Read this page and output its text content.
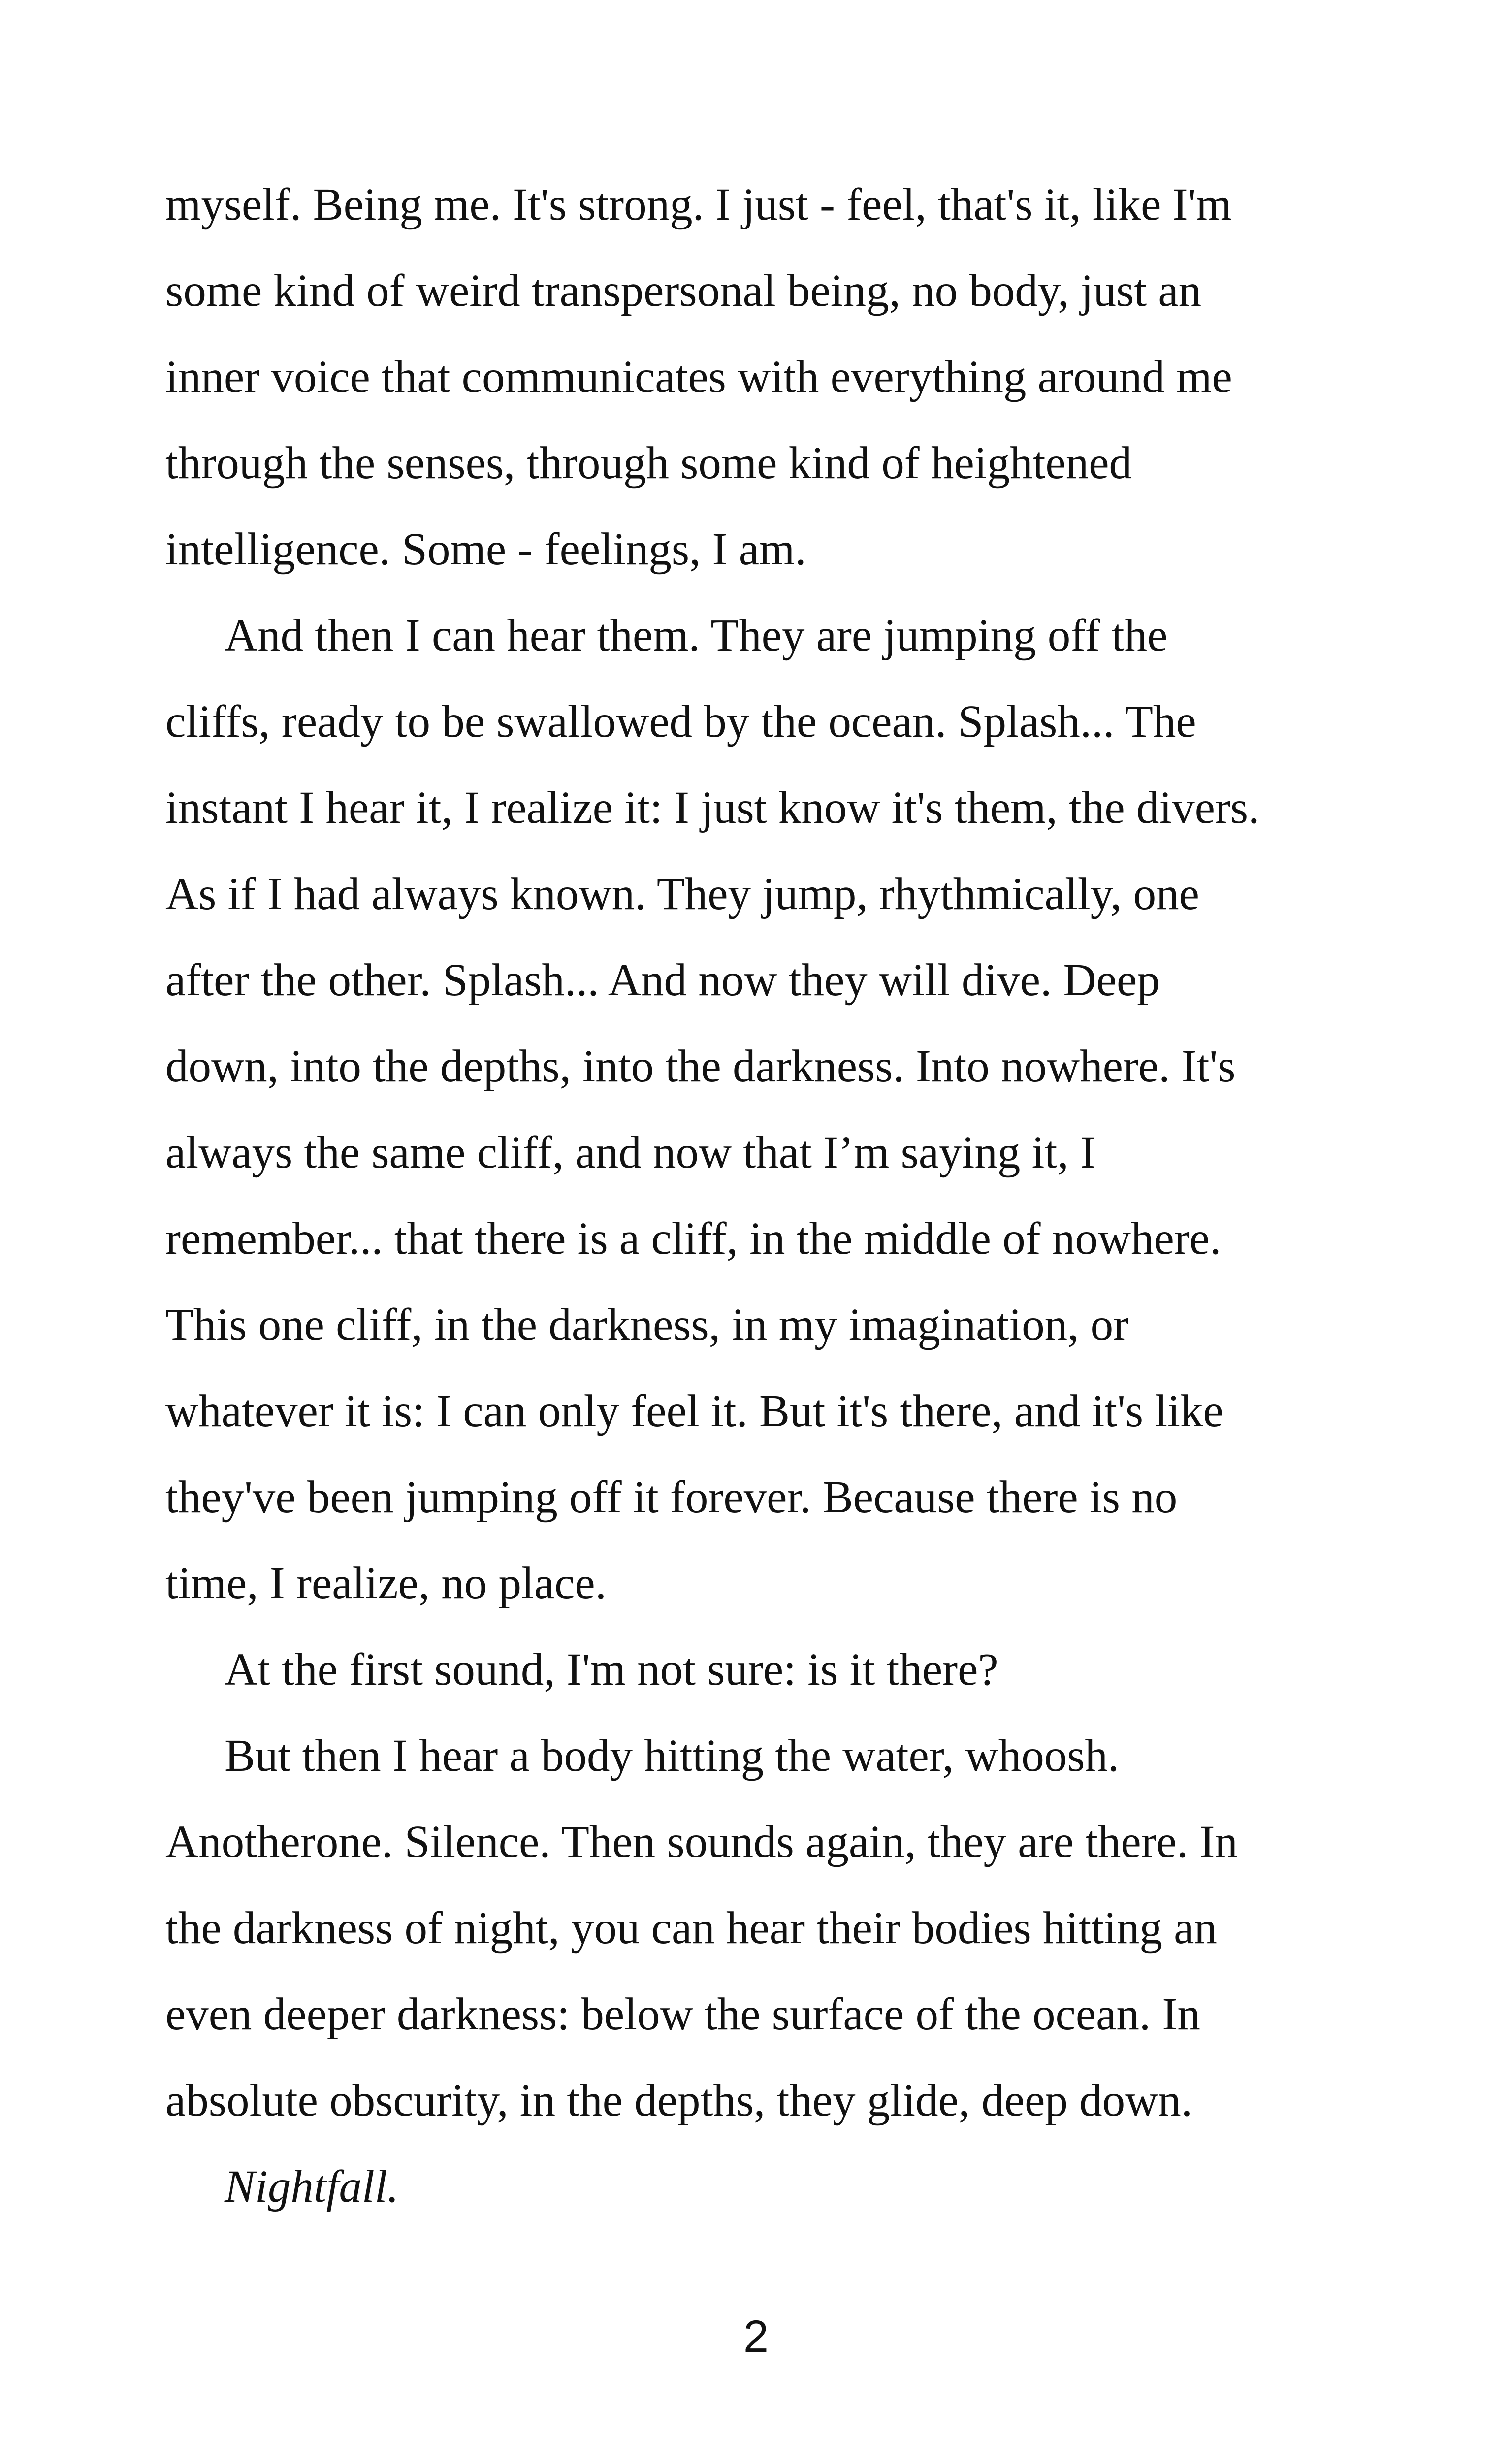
myself. Being me. It's strong. I just - feel, that's it, like I'm
some kind of weird transpersonal being, no body, just an
inner voice that communicates with everything around me
through the senses, through some kind of heightened
intelligence. Some - feelings, I am.
And then I can hear them. They are jumping off the
cliffs, ready to be swallowed by the ocean. Splash... The
instant I hear it, I realize it: I just know it's them, the divers.
As if I had always known. They jump, rhythmically, one
after the other. Splash... And now they will dive. Deep
down, into the depths, into the darkness. Into nowhere. It's
always the same cliff, and now that I’m saying it, I
remember... that there is a cliff, in the middle of nowhere.
This one cliff, in the darkness, in my imagination, or
whatever it is: I can only feel it. But it's there, and it's like
they've been jumping off it forever. Because there is no
time, I realize, no place.
At the first sound, I'm not sure: is it there?
But then I hear a body hitting the water, whoosh.
Anotherone. Silence. Then sounds again, they are there. In
the darkness of night, you can hear their bodies hitting an
even deeper darkness: below the surface of the ocean. In
absolute obscurity, in the depths, they glide, deep down.
Nightfall.
2
